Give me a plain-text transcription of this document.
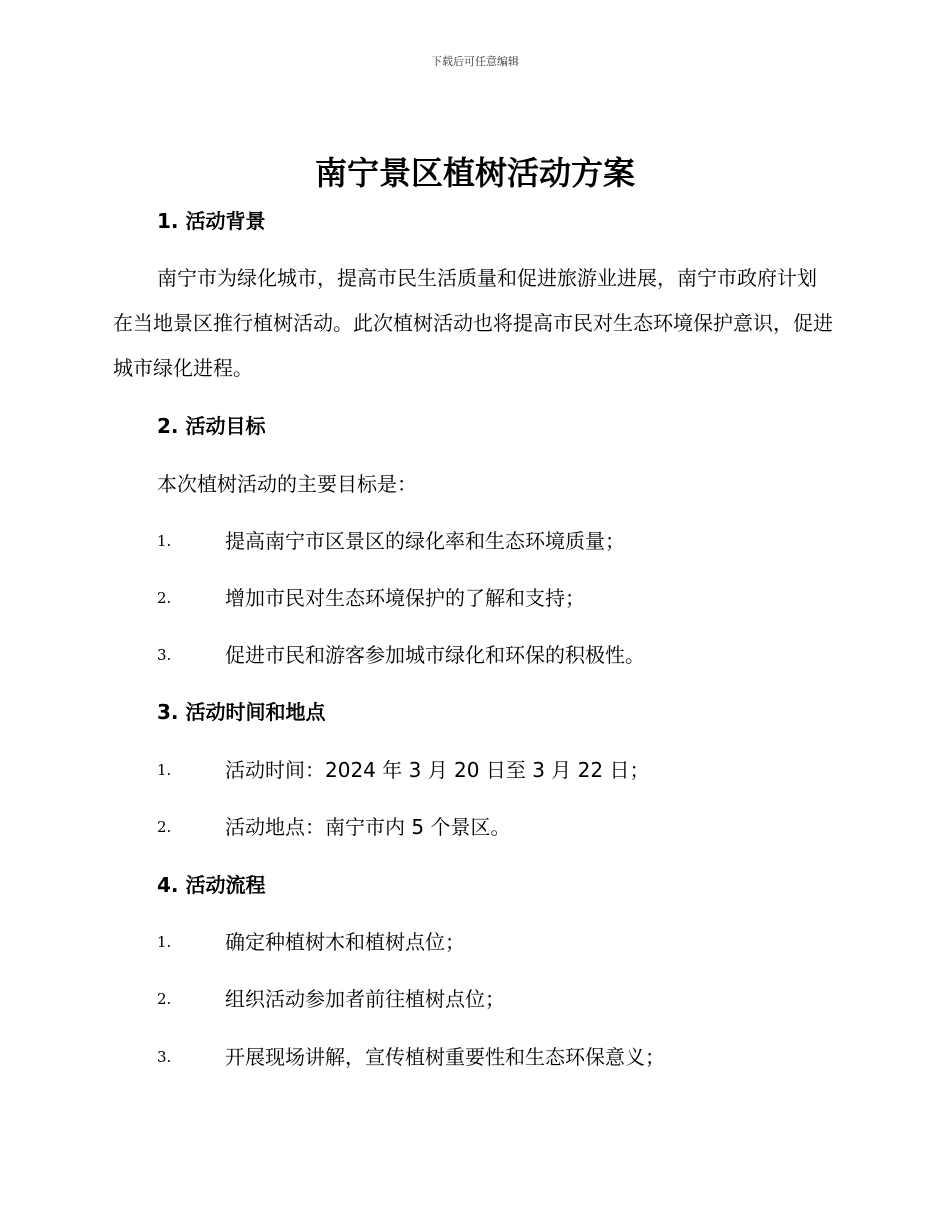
下载后可任意编辑
南宁景区植树活动方案
1. 活动背景

南宁市为绿化城市，提高市民生活质量和促进旅游业进展，南宁市政府计划在当地景区推行植树活动。此次植树活动也将提高市民对生态环境保护意识，促进城市绿化进程。

2. 活动目标

本次植树活动的主要目标是：

1.	提高南宁市区景区的绿化率和生态环境质量；
2.	增加市民对生态环境保护的了解和支持；
3.	促进市民和游客参加城市绿化和环保的积极性。
3. 活动时间和地点
1.	活动时间：2024 年 3 月 20 日至 3 月 22 日；
2.	活动地点：南宁市内 5 个景区。
4. 活动流程
1.	确定种植树木和植树点位；
2.	组织活动参加者前往植树点位；
3.	开展现场讲解，宣传植树重要性和生态环保意义；
